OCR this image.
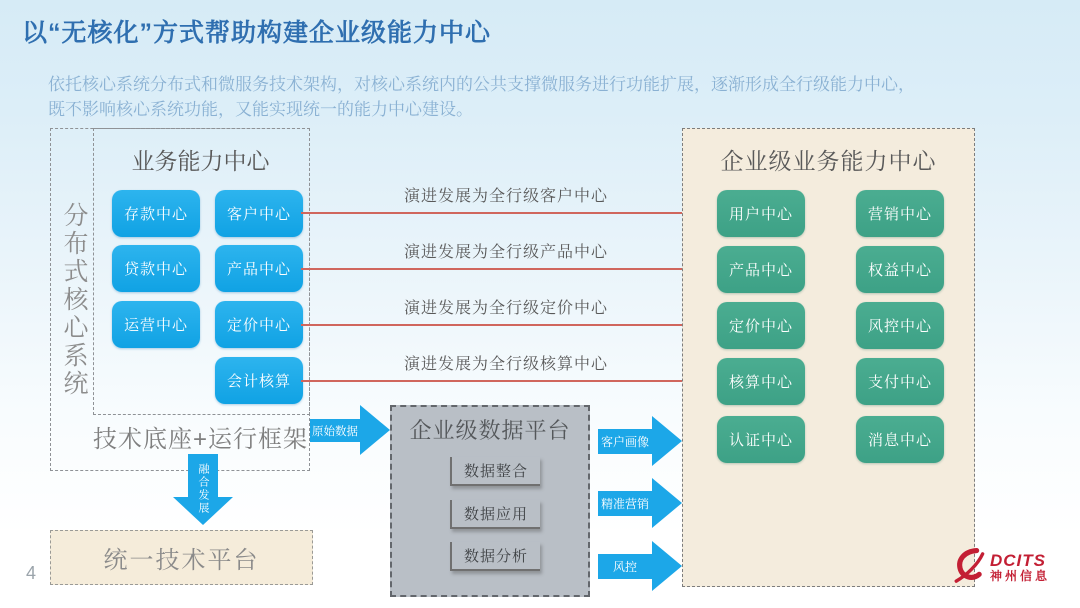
以“无核化”方式帮助构建企业级能力中心
依托核心系统分布式和微服务技术架构，对核心系统内的公共支撑微服务进行功能扩展，逐渐形成全行级能力中心，
既不影响核心系统功能，又能实现统一的能力中心建设。
分布式核心系统
业务能力中心
存款中心	客户中心
贷款中心	产品中心
运营中心	定价中心
会计核算
技术底座+运行框架
融合发展
统一技术平台
4
演进发展为全行级客户中心
演进发展为全行级产品中心
演进发展为全行级定价中心
演进发展为全行级核算中心
原始数据	企业级数据平台
数据整合
数据应用
数据分析
客户画像
精准营销
风控
企业级业务能力中心
用户中心	营销中心
产品中心	权益中心
定价中心	风控中心
核算中心	支付中心
认证中心	消息中心
DCITS
神州信息
